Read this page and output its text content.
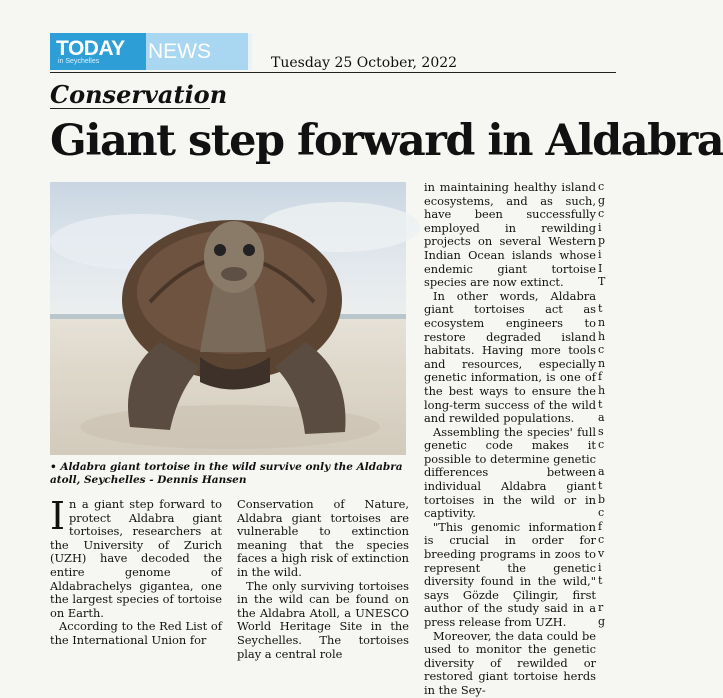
TODAY
in Seychelles NEWS	Tuesday 25 October, 2022
Conservation
Giant step forward in Aldabra
• Aldabra giant tortoise in the wild survive only the Aldabra atoll, Seychelles - Dennis Hansen

In a giant step forward to protect Aldabra giant tortoises, researchers at the University of Zurich (UZH) have decoded the entire genome of Aldabrachelys gigantea, one the largest species of tortoise on Earth.

According to the Red List of the International Union for

Conservation of Nature, Aldabra giant tortoises are vulnerable to extinction meaning that the species faces a high risk of extinction in the wild.

The only surviving tortoises in the wild can be found on the Aldabra Atoll, a UNESCO World Heritage Site in the Seychelles. The tortoises play a central role

in maintaining healthy island ecosystems, and as such, have been successfully employed in rewilding projects on several Western Indian Ocean islands whose endemic giant tortoise species are now extinct.

In other words, Aldabra giant tortoises act as ecosystem engineers to restore degraded island habitats. Having more tools and resources, especially genetic information, is one of the best ways to ensure the long-term success of the wild and rewilded populations.

Assembling the species' full genetic code makes it possible to determine genetic differences between individual Aldabra giant tortoises in the wild or in captivity.

"This genomic information is crucial in order for breeding programs in zoos to represent the genetic diversity found in the wild," says Gözde Çilingir, first author of the study said in a press release from UZH.

Moreover, the data could be used to monitor the genetic diversity of rewilded or restored giant tortoise herds in the Sey-

c
g
c
i
p
i
I
T

t
n
h
c
n
f
h
t
a
s
c

a
t
b
c
f
c
v
i
t

r
g
